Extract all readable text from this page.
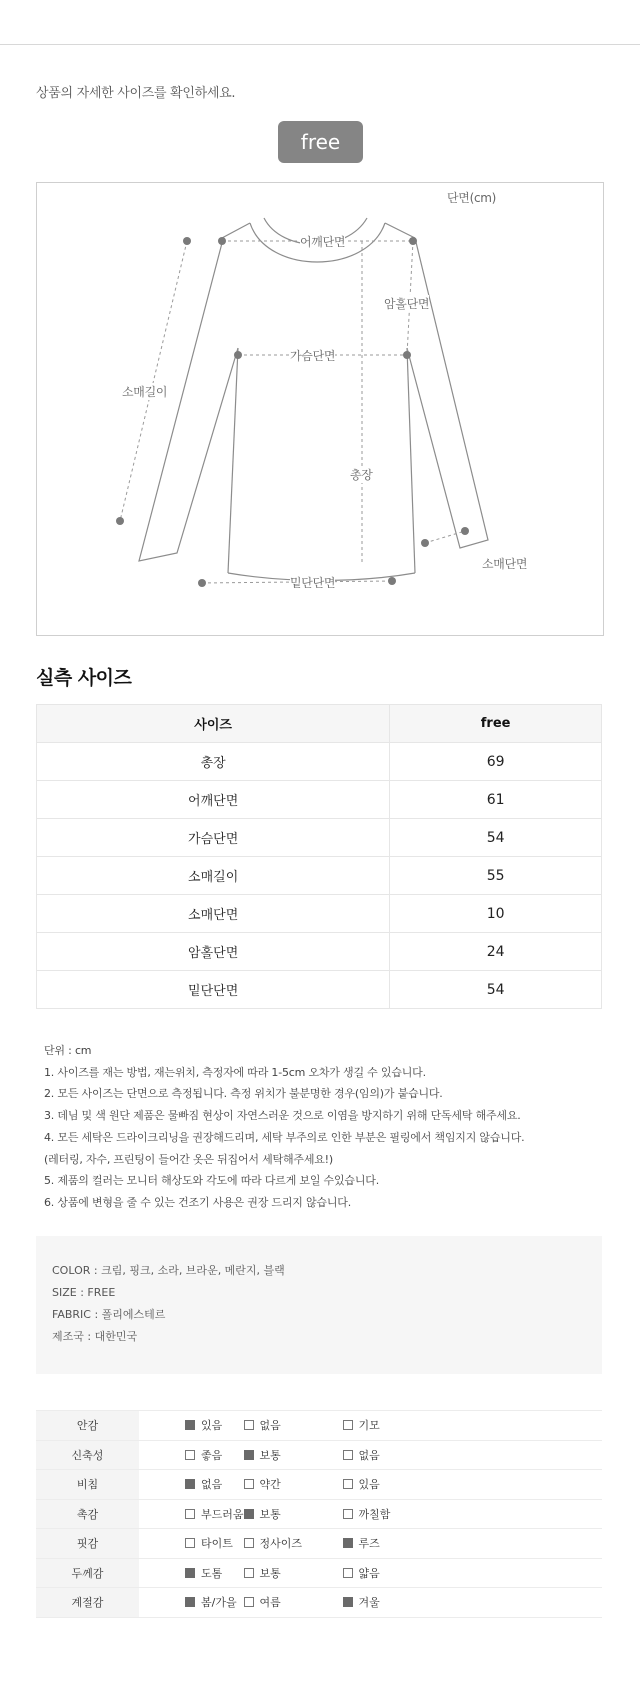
상품의 자세한 사이즈를 확인하세요.
free
단면(cm)
어깨단면
암홀단면
가슴단면
소매길이
총장
소매단면
밑단단면
실측 사이즈
사이즈	free
총장	69
어깨단면	61
가슴단면	54
소매길이	55
소매단면	10
암홀단면	24
밑단단면	54
단위 : cm
1. 사이즈를 재는 방법, 재는위치, 측정자에 따라 1-5cm 오차가 생길 수 있습니다.
2. 모든 사이즈는 단면으로 측정됩니다. 측정 위치가 불분명한 경우(임의)가 붙습니다.
3. 데님 및 색 원단 제품은 물빠짐 현상이 자연스러운 것으로 이염을 방지하기 위해 단독세탁 해주세요.
4. 모든 세탁은 드라이크리닝을 권장해드리며, 세탁 부주의로 인한 부분은 필링에서 책임지지 않습니다.
(레터링, 자수, 프린팅이 들어간 옷은 뒤집어서 세탁해주세요!)
5. 제품의 컬러는 모니터 해상도와 각도에 따라 다르게 보일 수있습니다.
6. 상품에 변형을 줄 수 있는 건조기 사용은 권장 드리지 않습니다.
COLOR : 크림, 핑크, 소라, 브라운, 메란지, 블랙
SIZE : FREE
FABRIC : 폴리에스테르
제조국 : 대한민국
안감	있음	없음	기모	

신축성	좋음	보통	없음	

비침	없음	약간	있음	

촉감	부드러움	보통	까칠함	

핏감	타이트	정사이즈	루즈	

두께감	도톰	보통	얇음	

계절감	봄/가을	여름	겨울	
